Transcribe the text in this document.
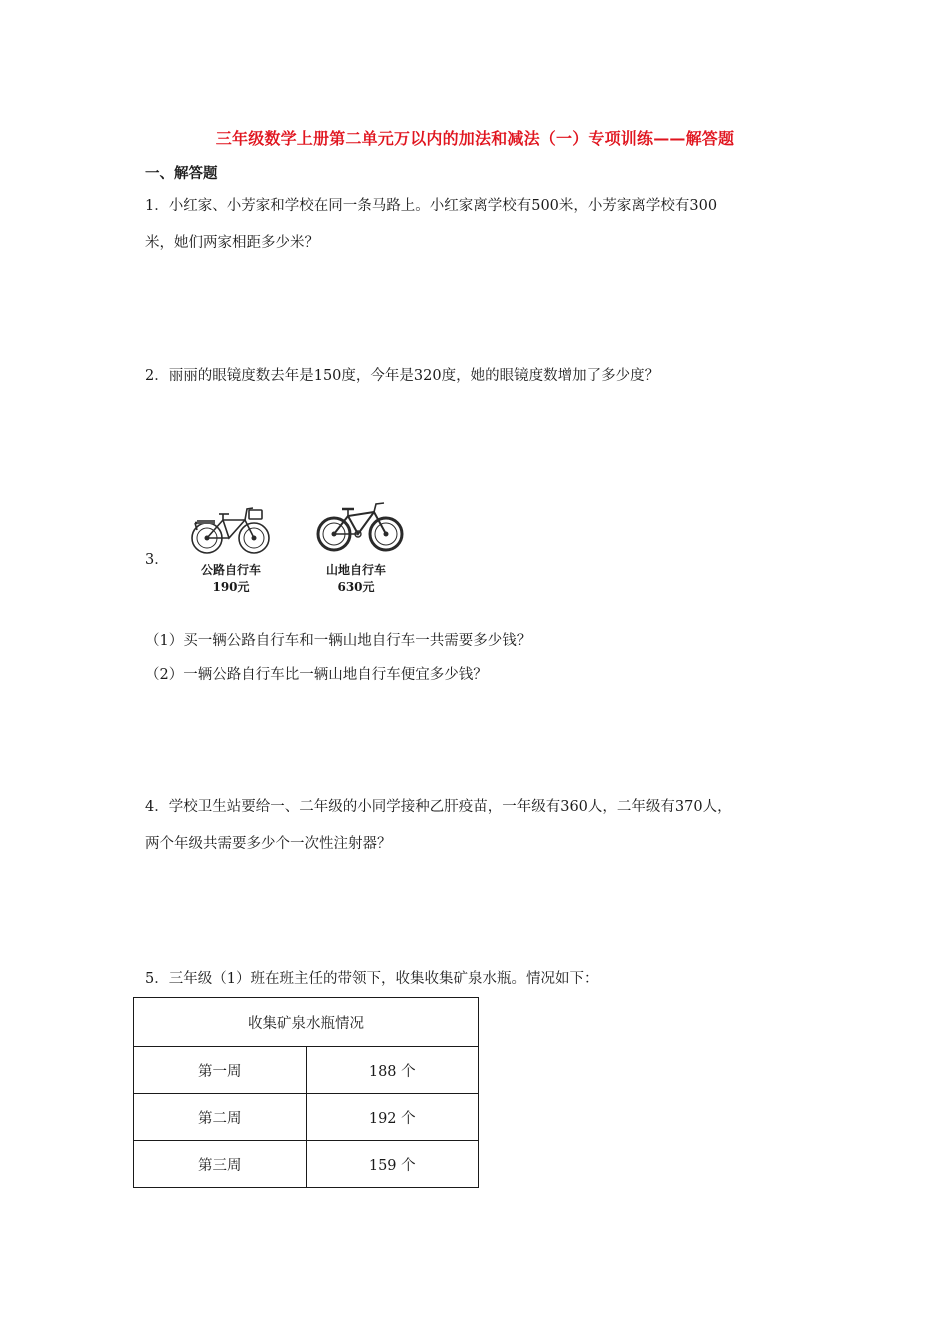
三年级数学上册第二单元万以内的加法和减法（一）专项训练——解答题
一、解答题
1．小红家、小芳家和学校在同一条马路上。小红家离学校有500米，小芳家离学校有300
米，她们两家相距多少米？
2．丽丽的眼镜度数去年是150度，今年是320度，她的眼镜度数增加了多少度？
3．
公路自行车
190元
山地自行车
630元
（1）买一辆公路自行车和一辆山地自行车一共需要多少钱？
（2）一辆公路自行车比一辆山地自行车便宜多少钱？
4．学校卫生站要给一、二年级的小同学接种乙肝疫苗，一年级有360人，二年级有370人，
两个年级共需要多少个一次性注射器？
5．三年级（1）班在班主任的带领下，收集收集矿泉水瓶。情况如下：
收集矿泉水瓶情况	
第一周	188 个
第二周	192 个
第三周	159 个
